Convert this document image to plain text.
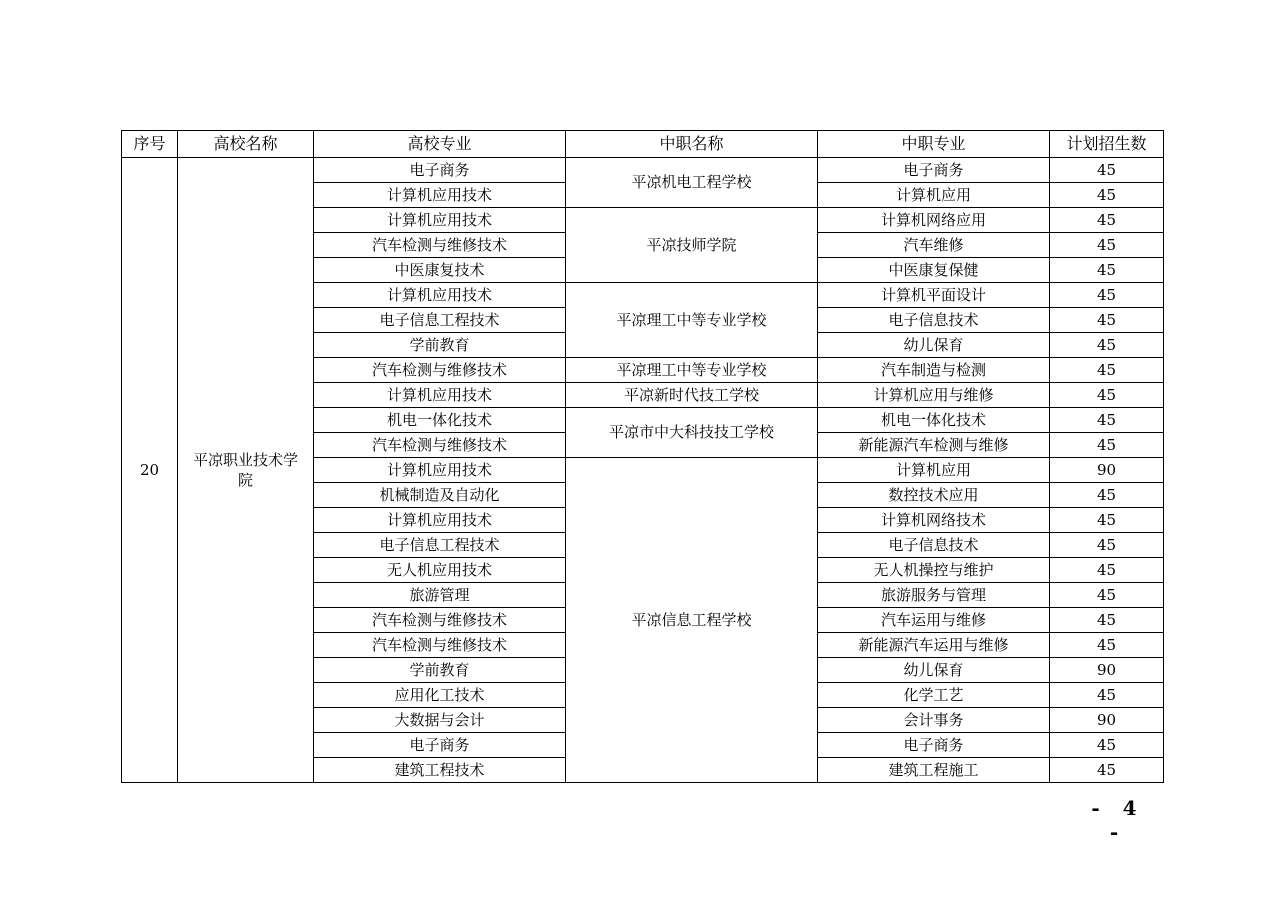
序号	高校名称	高校专业	中职名称	中职专业	计划招生数
20	平凉职业技术学院	电子商务	平凉机电工程学校	电子商务	45
		计算机应用技术		计算机应用	45
		计算机应用技术	平凉技师学院	计算机网络应用	45
		汽车检测与维修技术		汽车维修	45
		中医康复技术		中医康复保健	45
		计算机应用技术	平凉理工中等专业学校	计算机平面设计	45
		电子信息工程技术		电子信息技术	45
		学前教育		幼儿保育	45
		汽车检测与维修技术	平凉理工中等专业学校	汽车制造与检测	45
		计算机应用技术	平凉新时代技工学校	计算机应用与维修	45
		机电一体化技术	平凉市中大科技技工学校	机电一体化技术	45
		汽车检测与维修技术		新能源汽车检测与维修	45
		计算机应用技术	平凉信息工程学校	计算机应用	90
		机械制造及自动化		数控技术应用	45
		计算机应用技术		计算机网络技术	45
		电子信息工程技术		电子信息技术	45
		无人机应用技术		无人机操控与维护	45
		旅游管理		旅游服务与管理	45
		汽车检测与维修技术		汽车运用与维修	45
		汽车检测与维修技术		新能源汽车运用与维修	45
		学前教育		幼儿保育	90
		应用化工技术		化学工艺	45
		大数据与会计		会计事务	90
		电子商务		电子商务	45
		建筑工程技术		建筑工程施工	45
- 4 -
